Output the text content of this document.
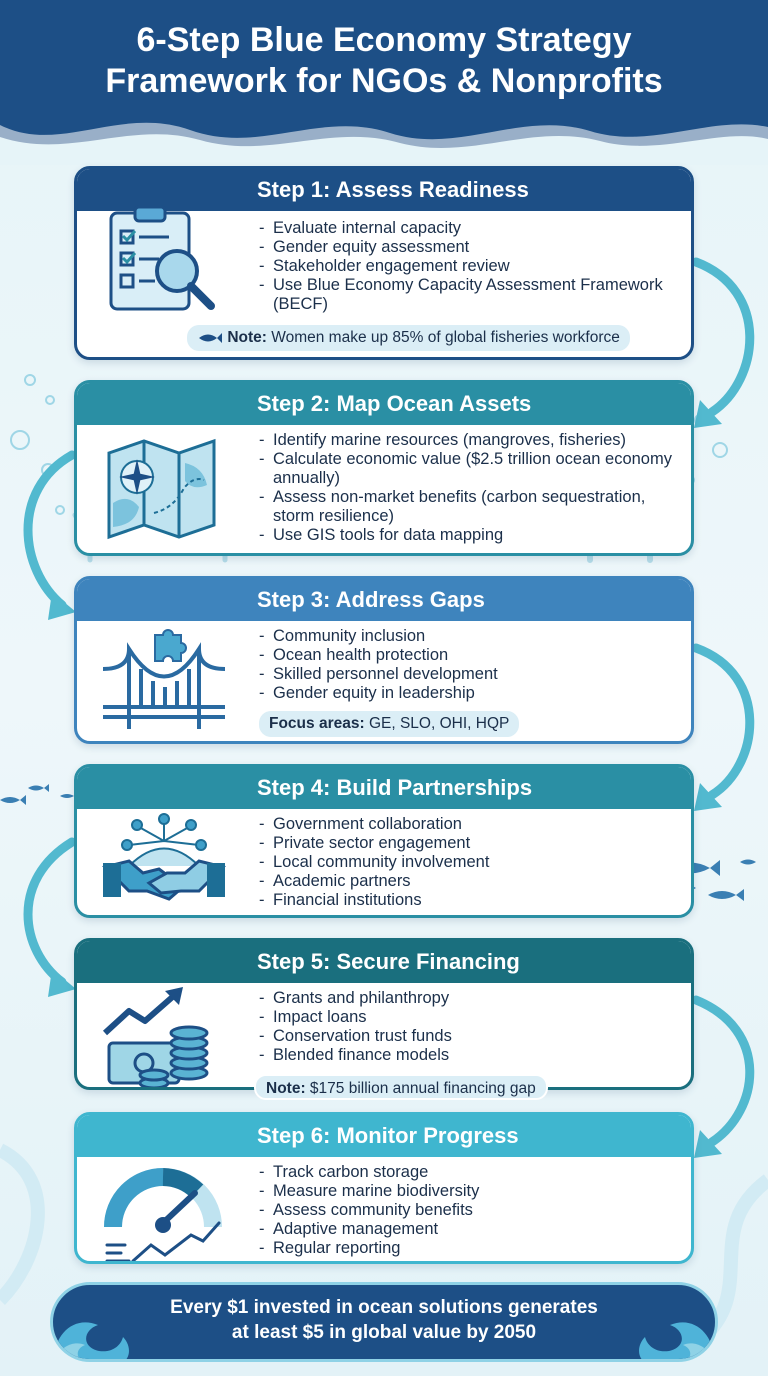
6-Step Blue Economy Strategy
Framework for NGOs & Nonprofits
Step 1: Assess Readiness
- Evaluate internal capacity
- Gender equity assessment
- Stakeholder engagement review
- Use Blue Economy Capacity Assessment Framework (BECF)
Note: Women make up 85% of global fisheries workforce
Step 2: Map Ocean Assets
- Identify marine resources (mangroves, fisheries)
- Calculate economic value ($2.5 trillion ocean economy annually)
- Assess non-market benefits (carbon sequestration, storm resilience)
- Use GIS tools for data mapping
Step 3: Address Gaps
- Community inclusion
- Ocean health protection
- Skilled personnel development
- Gender equity in leadership
Focus areas: GE, SLO, OHI, HQP
Step 4: Build Partnerships
- Government collaboration
- Private sector engagement
- Local community involvement
- Academic partners
- Financial institutions
Step 5: Secure Financing
- Grants and philanthropy
- Impact loans
- Conservation trust funds
- Blended finance models
Note: $175 billion annual financing gap
Step 6: Monitor Progress
- Track carbon storage
- Measure marine biodiversity
- Assess community benefits
- Adaptive management
- Regular reporting
Every $1 invested in ocean solutions generates
at least $5 in global value by 2050
